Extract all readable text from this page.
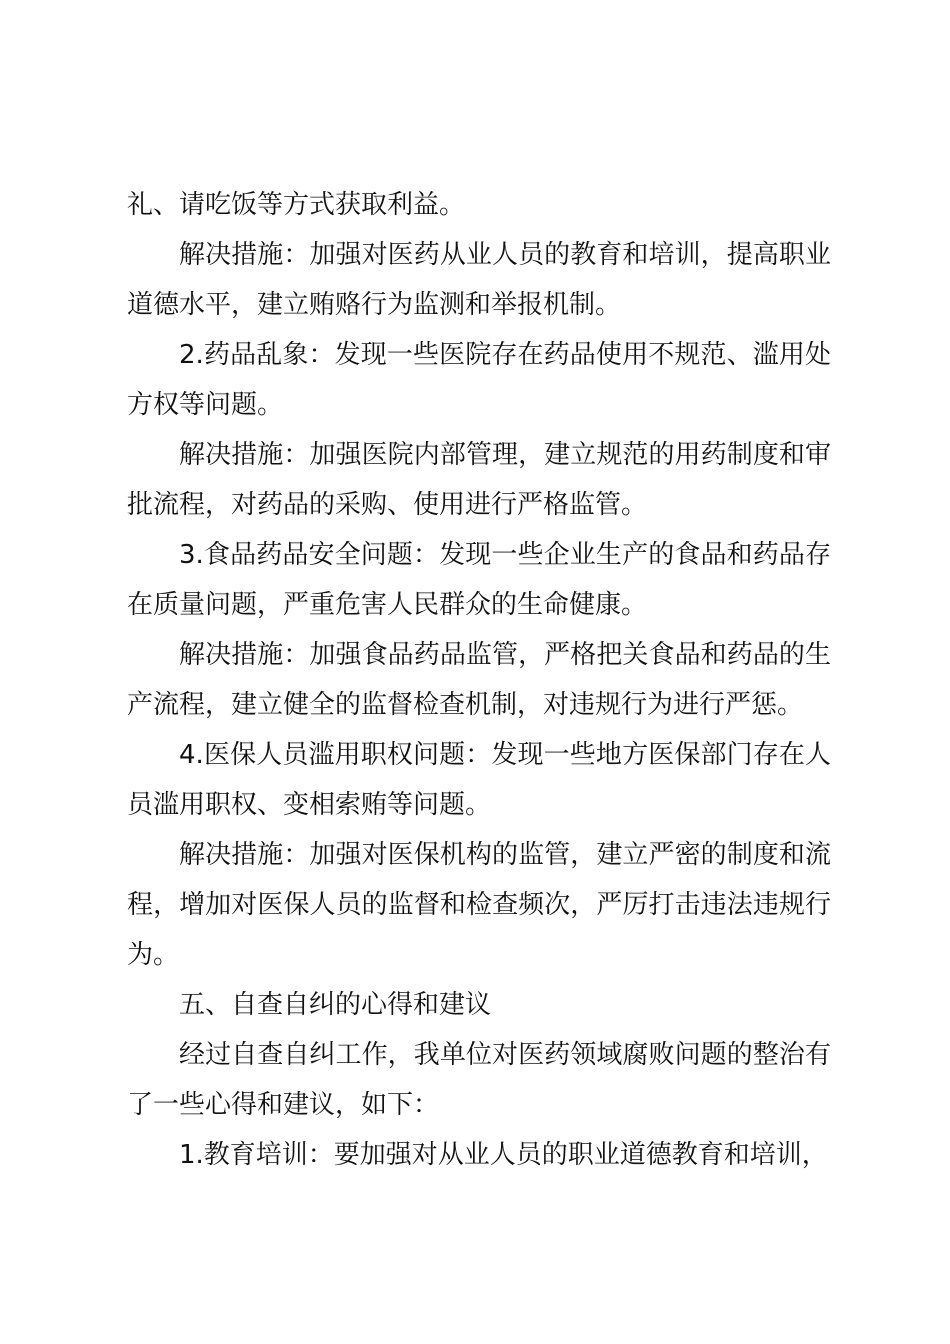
礼、请吃饭等方式获取利益。

解决措施：加强对医药从业人员的教育和培训，提高职业道德水平，建立贿赂行为监测和举报机制。

2.药品乱象：发现一些医院存在药品使用不规范、滥用处方权等问题。

解决措施：加强医院内部管理，建立规范的用药制度和审批流程，对药品的采购、使用进行严格监管。

3.食品药品安全问题：发现一些企业生产的食品和药品存在质量问题，严重危害人民群众的生命健康。

解决措施：加强食品药品监管，严格把关食品和药品的生产流程，建立健全的监督检查机制，对违规行为进行严惩。

4.医保人员滥用职权问题：发现一些地方医保部门存在人员滥用职权、变相索贿等问题。

解决措施：加强对医保机构的监管，建立严密的制度和流程，增加对医保人员的监督和检查频次，严厉打击违法违规行为。

五、自查自纠的心得和建议

经过自查自纠工作，我单位对医药领域腐败问题的整治有了一些心得和建议，如下：

1.教育培训：要加强对从业人员的职业道德教育和培训，
